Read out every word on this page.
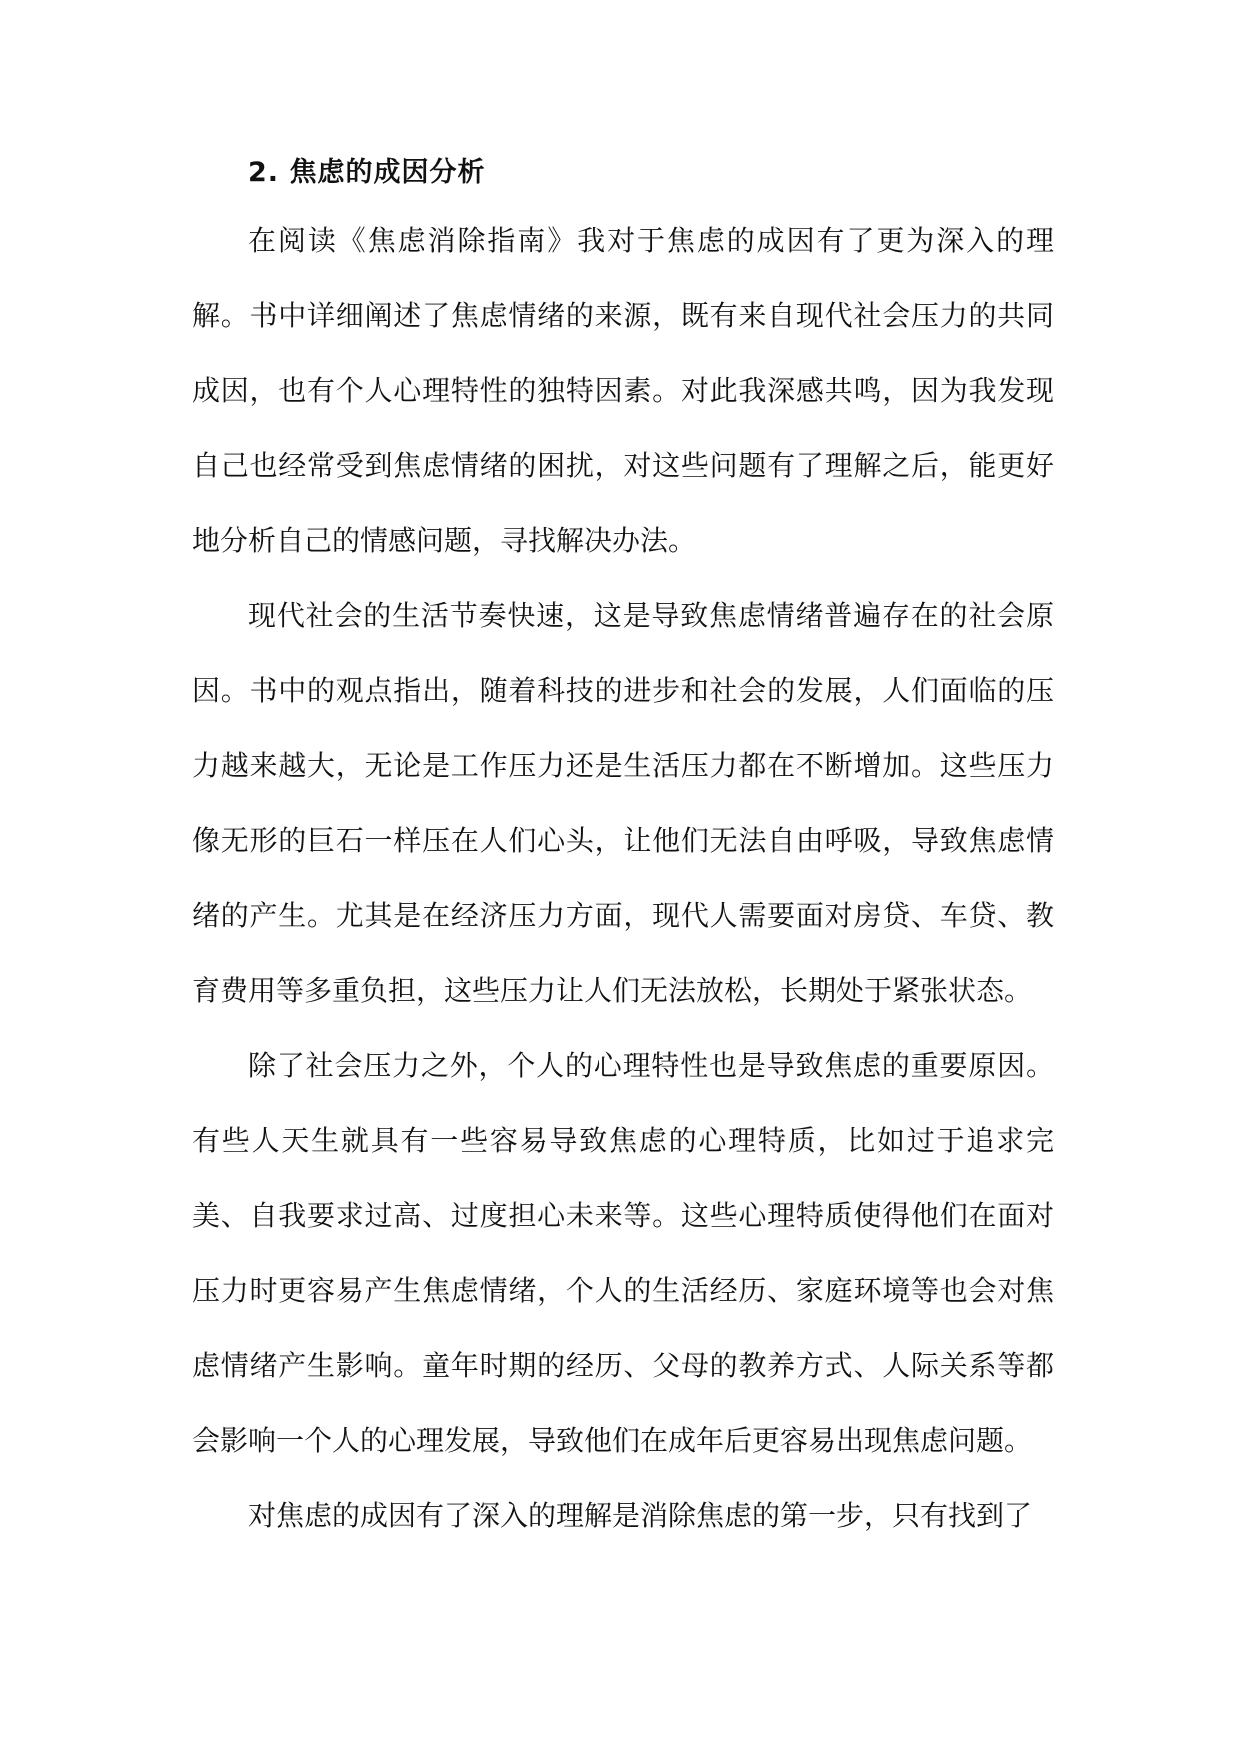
2. 焦虑的成因分析

在阅读《焦虑消除指南》我对于焦虑的成因有了更为深入的理解。书中详细阐述了焦虑情绪的来源，既有来自现代社会压力的共同成因，也有个人心理特性的独特因素。对此我深感共鸣，因为我发现自己也经常受到焦虑情绪的困扰，对这些问题有了理解之后，能更好地分析自己的情感问题，寻找解决办法。

现代社会的生活节奏快速，这是导致焦虑情绪普遍存在的社会原因。书中的观点指出，随着科技的进步和社会的发展，人们面临的压力越来越大，无论是工作压力还是生活压力都在不断增加。这些压力像无形的巨石一样压在人们心头，让他们无法自由呼吸，导致焦虑情绪的产生。尤其是在经济压力方面，现代人需要面对房贷、车贷、教育费用等多重负担，这些压力让人们无法放松，长期处于紧张状态。

除了社会压力之外，个人的心理特性也是导致焦虑的重要原因。有些人天生就具有一些容易导致焦虑的心理特质，比如过于追求完美、自我要求过高、过度担心未来等。这些心理特质使得他们在面对压力时更容易产生焦虑情绪，个人的生活经历、家庭环境等也会对焦虑情绪产生影响。童年时期的经历、父母的教养方式、人际关系等都会影响一个人的心理发展，导致他们在成年后更容易出现焦虑问题。

对焦虑的成因有了深入的理解是消除焦虑的第一步，只有找到了
